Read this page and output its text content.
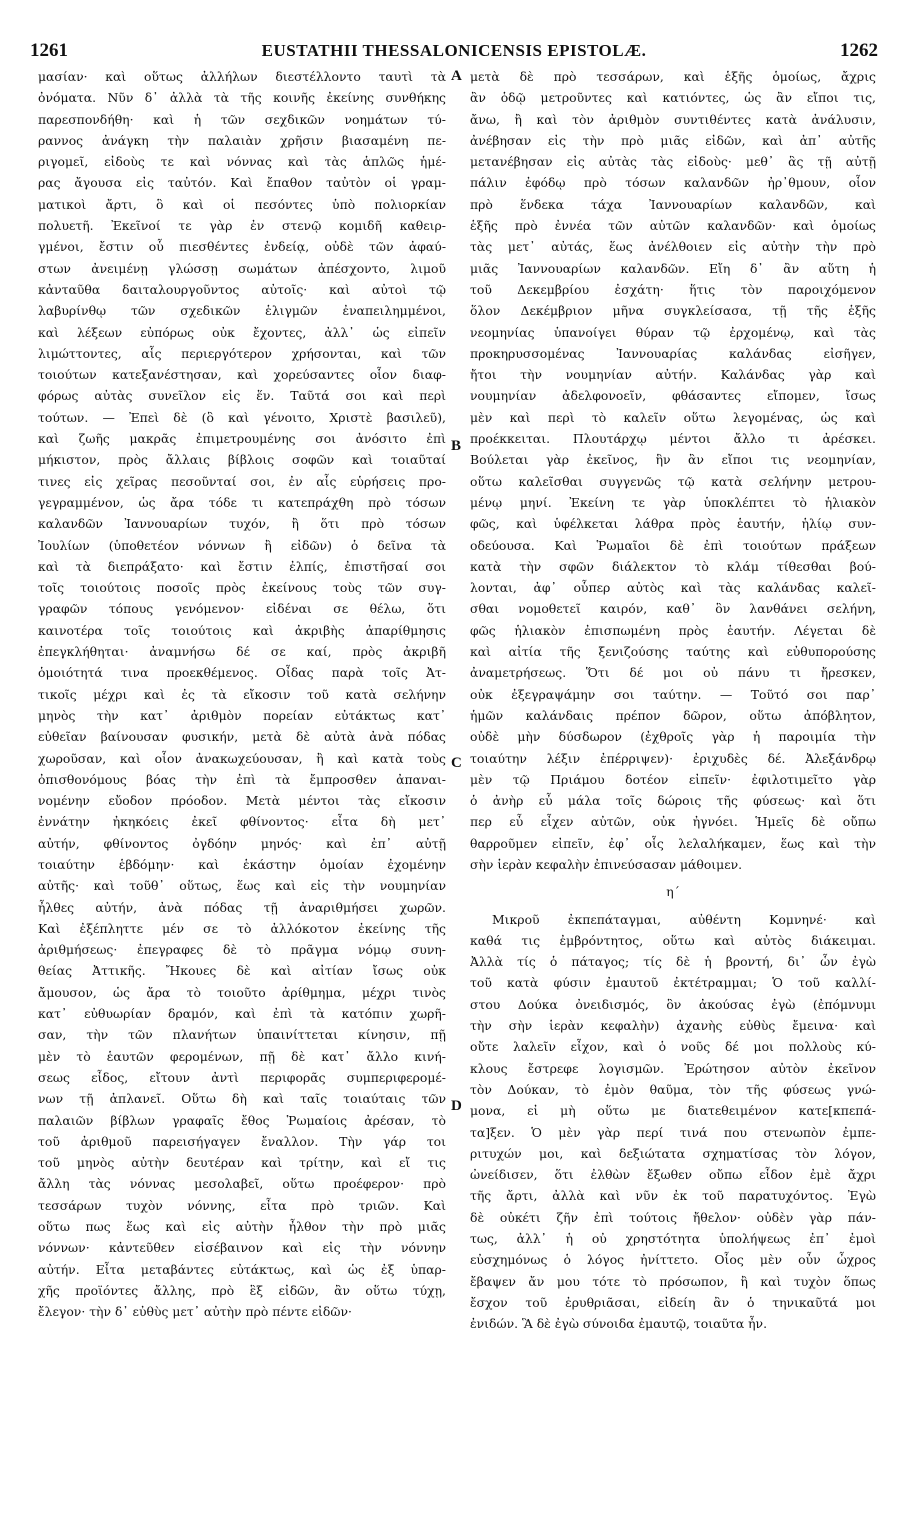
1261	EUSTATHII THESSALONICENSIS EPISTOLÆ.	1262
A
B
C
D
μασίαν· καὶ οὕτως ἀλλήλων διεστέλλοντο ταυτὶ τὰ
ὀνόματα. Νῦν δ᾽ ἀλλὰ τὰ τῆς κοινῆς ἐκείνης συνθήκης
παρεσπονδήθη· καὶ ἡ τῶν σεχδικῶν νοημάτων τύ-
ραννος ἀνάγκη τὴν παλαιὰν χρῆσιν βιασαμένη πε-
ριγομεῖ, εἰδοὺς τε καὶ νόννας καὶ τὰς ἁπλῶς ἡμέ-
ρας ἄγουσα εἰς ταὐτόν. Καὶ ἔπαθον ταὐτὸν οἱ γραμ-
ματικοὶ ἄρτι, ὃ καὶ οἱ πεσόντες ὑπὸ πολιορκίαν
πολυετῆ. Ἐκεῖνοί τε γὰρ ἐν στενῷ κομιδῆ καθειρ-
γμένοι, ἔστιν οὗ πιεσθέντες ἐνδείᾳ, οὐδὲ τῶν ἀφαύ-
στων ἀνειμένῃ γλώσσῃ σωμάτων ἀπέσχοντο, λιμοῦ
κἀνταῦθα δαιταλουργοῦντος αὐτοῖς· καὶ αὐτοὶ τῷ
λαβυρίνθῳ τῶν σχεδικῶν ἑλιγμῶν ἐναπειλημμένοι,
καὶ λέξεων εὐπόρως οὐκ ἔχοντες, ἀλλ᾽ ὡς εἰπεῖν
λιμώττοντες, αἷς περιεργότερον χρήσονται, καὶ τῶν
τοιούτων κατεξανέστησαν, καὶ χορεύσαντες οἷον διαφ-
φόρως αὐτὰς συνεῖλον εἰς ἕν. Ταῦτά σοι καὶ περὶ
τούτων. — Ἐπεὶ δὲ (ὃ καὶ γένοιτο, Χριστὲ βασιλεῦ),
καὶ ζωῆς μακρᾶς ἐπιμετρουμένης σοι ἀνόσιτο ἐπὶ
μήκιστον, πρὸς ἄλλαις βίβλοις σοφῶν καὶ τοιαῦταί
τινες εἰς χεῖρας πεσοῦνταί σοι, ἐν αἷς εὑρήσεις προ-
γεγραμμένον, ὡς ἄρα τόδε τι κατεπράχθη πρὸ τόσων
καλανδῶν Ἰαννουαρίων τυχόν, ἢ ὅτι πρὸ τόσων
Ἰουλίων (ὑποθετέον νόννων ἢ εἰδῶν) ὁ δεῖνα τὰ
καὶ τὰ διεπράξατο· καὶ ἔστιν ἐλπίς, ἐπιστῆσαί σοι
τοῖς τοιούτοις ποσοῖς πρὸς ἐκείνους τοὺς τῶν συγ-
γραφῶν τόπους γενόμενον· εἰδέναι σε θέλω, ὅτι
καινοτέρα τοῖς τοιούτοις καὶ ἀκριβὴς ἀπαρίθμησις
ἐπεγκλήθηται· ἀναμνήσω δέ σε καί, πρὸς ἀκριβῆ
ὁμοιότητά τινα προεκθέμενος. Οἶδας παρὰ τοῖς Ἀτ-
τικοῖς μέχρι καὶ ἐς τὰ εἴκοσιν τοῦ κατὰ σελήνην
μηνὸς τὴν κατ᾽ ἀριθμὸν πορείαν εὐτάκτως κατ᾽
εὐθεῖαν βαίνουσαν φυσικήν, μετὰ δὲ αὐτὰ ἀνὰ πόδας
χωροῦσαν, καὶ οἷον ἀνακωχεύουσαν, ἢ καὶ κατὰ τοὺς
ὀπισθονόμους βόας τὴν ἐπὶ τὰ ἔμπροσθεν ἀπαναι-
νομένην εὔοδον πρόοδον. Μετὰ μέντοι τὰς εἴκοσιν
ἐννάτην ἠκηκόεις ἐκεῖ φθίνοντος· εἶτα δὴ μετ᾽
αὐτήν, φθίνοντος ὀγδόην μηνός· καὶ ἐπ᾽ αὐτῇ
τοιαύτην ἑβδόμην· καὶ ἑκάστην ὁμοίαν ἐχομένην
αὐτῆς· καὶ τοῦθ᾽ οὕτως, ἕως καὶ εἰς τὴν νουμηνίαν
ἦλθες αὐτήν, ἀνὰ πόδας τῇ ἀναριθμήσει χωρῶν.
Καὶ ἐξέπληττε μέν σε τὸ ἀλλόκοτον ἐκείνης τῆς
ἀριθμήσεως· ἐπεγραφες δὲ τὸ πρᾶγμα νόμῳ συνη-
θείας Ἀττικῆς. Ἤκουες δὲ καὶ αἰτίαν ἴσως οὐκ
ἄμουσον, ὡς ἄρα τὸ τοιοῦτο ἀρίθμημα, μέχρι τινὸς
κατ᾽ εὐθυωρίαν δραμόν, καὶ ἐπὶ τὰ κατόπιν χωρῆ-
σαν, τὴν τῶν πλανήτων ὑπαινίττεται κίνησιν, πῇ
μὲν τὸ ἑαυτῶν φερομένων, πῇ δὲ κατ᾽ ἄλλο κινή-
σεως εἶδος, εἴτουν ἀντὶ περιφορᾶς συμπεριφερομέ-
νων τῇ ἀπλανεῖ. Οὕτω δὴ καὶ ταῖς τοιαύταις τῶν
παλαιῶν βίβλων γραφαῖς ἔθος Ῥωμαίοις ἀρέσαν, τὸ
τοῦ ἀριθμοῦ παρεισήγαγεν ἔναλλον. Τὴν γάρ τοι
τοῦ μηνὸς αὐτὴν δευτέραν καὶ τρίτην, καὶ εἴ τις
ἄλλη τὰς νόννας μεσολαβεῖ, οὕτω προέφερον· πρὸ
τεσσάρων τυχὸν νόννης, εἶτα πρὸ τριῶν. Καὶ
οὕτω πως ἕως καὶ εἰς αὐτὴν ἦλθον τὴν πρὸ μιᾶς
νόννων· κἀντεῦθεν εἰσέβαινον καὶ εἰς τὴν νόννην
αὐτήν. Εἶτα μεταβάντες εὐτάκτως, καὶ ὡς ἐξ ὑπαρ-
χῆς προϊόντες ἄλλης, πρὸ ἓξ εἰδῶν, ἂν οὕτω τύχῃ,
ἔλεγον· τὴν δ᾽ εὐθὺς μετ᾽ αὐτὴν πρὸ πέντε εἰδῶν·
μετὰ δὲ πρὸ τεσσάρων, καὶ ἑξῆς ὁμοίως, ἄχρις
ἂν ὁδῷ μετροῦντες καὶ κατιόντες, ὡς ἂν εἴποι τις,
ἄνω, ἢ καὶ τὸν ἀριθμὸν συντιθέντες κατὰ ἀνάλυσιν,
ἀνέβησαν εἰς τὴν πρὸ μιᾶς εἰδῶν, καὶ ἀπ᾽ αὐτῆς
μετανέβησαν εἰς αὐτὰς τὰς εἰδοὺς· μεθ᾽ ἃς τῇ αὐτῇ
πάλιν ἐφόδῳ πρὸ τόσων καλανδῶν ἠρ᾽θμουν, οἷον
πρὸ ἕνδεκα τάχα Ἰαννουαρίων καλανδῶν, καὶ
ἑξῆς πρὸ ἐννέα τῶν αὐτῶν καλανδῶν· καὶ ὁμοίως
τὰς μετ᾽ αὐτάς, ἕως ἀνέλθοιεν εἰς αὐτὴν τὴν πρὸ
μιᾶς Ἰαννουαρίων καλανδῶν. Εἴη δ᾽ ἂν αὕτη ἡ
τοῦ Δεκεμβρίου ἐσχάτη· ἥτις τὸν παροιχόμενον
ὅλον Δεκέμβριον μῆνα συγκλείσασα, τῇ τῆς ἑξῆς
νεομηνίας ὑπανοίγει θύραν τῷ ἐρχομένῳ, καὶ τὰς
προκηρυσσομένας Ἰαννουαρίας καλάνδας εἰσῆγεν,
ἤτοι τὴν νουμηνίαν αὐτήν. Καλάνδας γὰρ καὶ
νουμηνίαν ἀδελφονοεῖν, φθάσαντες εἴπομεν, ἴσως
μὲν καὶ περὶ τὸ καλεῖν οὕτω λεγομένας, ὡς καὶ
προέκκειται. Πλουτάρχῳ μέντοι ἄλλο τι ἀρέσκει.
Βούλεται γὰρ ἐκεῖνος, ἣν ἂν εἴποι τις νεομηνίαν,
οὕτω καλεῖσθαι συγγενῶς τῷ κατὰ σελήνην μετρου-
μένῳ μηνί. Ἐκείνη τε γὰρ ὑποκλέπτει τὸ ἡλιακὸν
φῶς, καὶ ὑφέλκεται λάθρα πρὸς ἑαυτήν, ἡλίῳ συν-
οδεύουσα. Καὶ Ῥωμαῖοι δὲ ἐπὶ τοιούτων πράξεων
κατὰ τὴν σφῶν διάλεκτον τὸ κλάμ τίθεσθαι βού-
λονται, ἀφ᾽ οὗπερ αὐτὸς καὶ τὰς καλάνδας καλεῖ-
σθαι νομοθετεῖ καιρόν, καθ᾽ ὃν λανθάνει σελήνη,
φῶς ἡλιακὸν ἐπισπωμένη πρὸς ἑαυτήν. Λέγεται δὲ
καὶ αἰτία τῆς ξενιζούσης ταύτης καὶ εὐθυπορούσης
ἀναμετρήσεως. Ὅτι δέ μοι οὐ πάνυ τι ἤρεσκεν,
οὐκ ἐξεγραψάμην σοι ταύτην. — Τοῦτό σοι παρ᾽
ἡμῶν καλάνδαις πρέπον δῶρον, οὕτω ἀπόβλητον,
οὐδὲ μὴν δύσδωρον (ἐχθροῖς γὰρ ἡ παροιμία τὴν
τοιαύτην λέξιν ἐπέρριψεν)· ἐριχυδὲς δέ. Ἀλεξάνδρῳ
μὲν τῷ Πριάμου δοτέον εἰπεῖν· ἐφιλοτιμεῖτο γὰρ
ὁ ἀνὴρ εὖ μάλα τοῖς δώροις τῆς φύσεως· καὶ ὅτι
περ εὖ εἶχεν αὐτῶν, οὐκ ἠγνόει. Ἡμεῖς δὲ οὔπω
θαρροῦμεν εἰπεῖν, ἐφ᾽ οἷς λελαλήκαμεν, ἕως καὶ τὴν
σὴν ἱερὰν κεφαλὴν ἐπινεύσασαν μάθοιμεν.
η΄
Μικροῦ ἐκπεπάταγμαι, αὐθέντη Κομνηνέ· καὶ
καθά τις ἐμβρόντητος, οὕτω καὶ αὐτὸς διάκειμαι.
Ἀλλὰ τίς ὁ πάταγος; τίς δὲ ἡ βροντή, δι᾽ ὧν ἐγὼ
τοῦ κατὰ φύσιν ἐμαυτοῦ ἐκτέτραμμαι; Ὁ τοῦ καλλί-
στου Δούκα ὀνειδισμός, ὃν ἀκούσας ἐγὼ (ἐπόμνυμι
τὴν σὴν ἱερὰν κεφαλὴν) ἀχανὴς εὐθὺς ἔμεινα· καὶ
οὔτε λαλεῖν εἶχον, καὶ ὁ νοῦς δέ μοι πολλοὺς κύ-
κλους ἔστρεφε λογισμῶν. Ἐρώτησον αὐτὸν ἐκεῖνον
τὸν Δούκαν, τὸ ἐμὸν θαῦμα, τὸν τῆς φύσεως γνώ-
μονα, εἰ μὴ οὕτω με διατεθειμένον κατε[κπεπά-
τα]ξεν. Ὁ μὲν γὰρ περί τινά που στενωπὸν ἐμπε-
ριτυχών μοι, καὶ δεξιώτατα σχηματίσας τὸν λόγον,
ὠνείδισεν, ὅτι ἐλθὼν ἔξωθεν οὔπω εἶδον ἐμὲ ἄχρι
τῆς ἄρτι, ἀλλὰ καὶ νῦν ἐκ τοῦ παρατυχόντος. Ἐγὼ
δὲ οὐκέτι ζῆν ἐπὶ τούτοις ἤθελον· οὐδὲν γὰρ πάν-
τως, ἀλλ᾽ ἡ οὐ χρηστότητα ὑπολήψεως ἐπ᾽ ἐμοὶ
εὐσχημόνως ὁ λόγος ἠνίττετο. Οἷος μὲν οὖν ὦχρος
ἔβαψεν ἄν μου τότε τὸ πρόσωπον, ἢ καὶ τυχὸν ὅπως
ἔσχον τοῦ ἐρυθριᾶσαι, εἰδείη ἂν ὁ τηνικαῦτά μοι
ἐνιδών. Ἃ δὲ ἐγὼ σύνοιδα ἐμαυτῷ, τοιαῦτα ἦν.
